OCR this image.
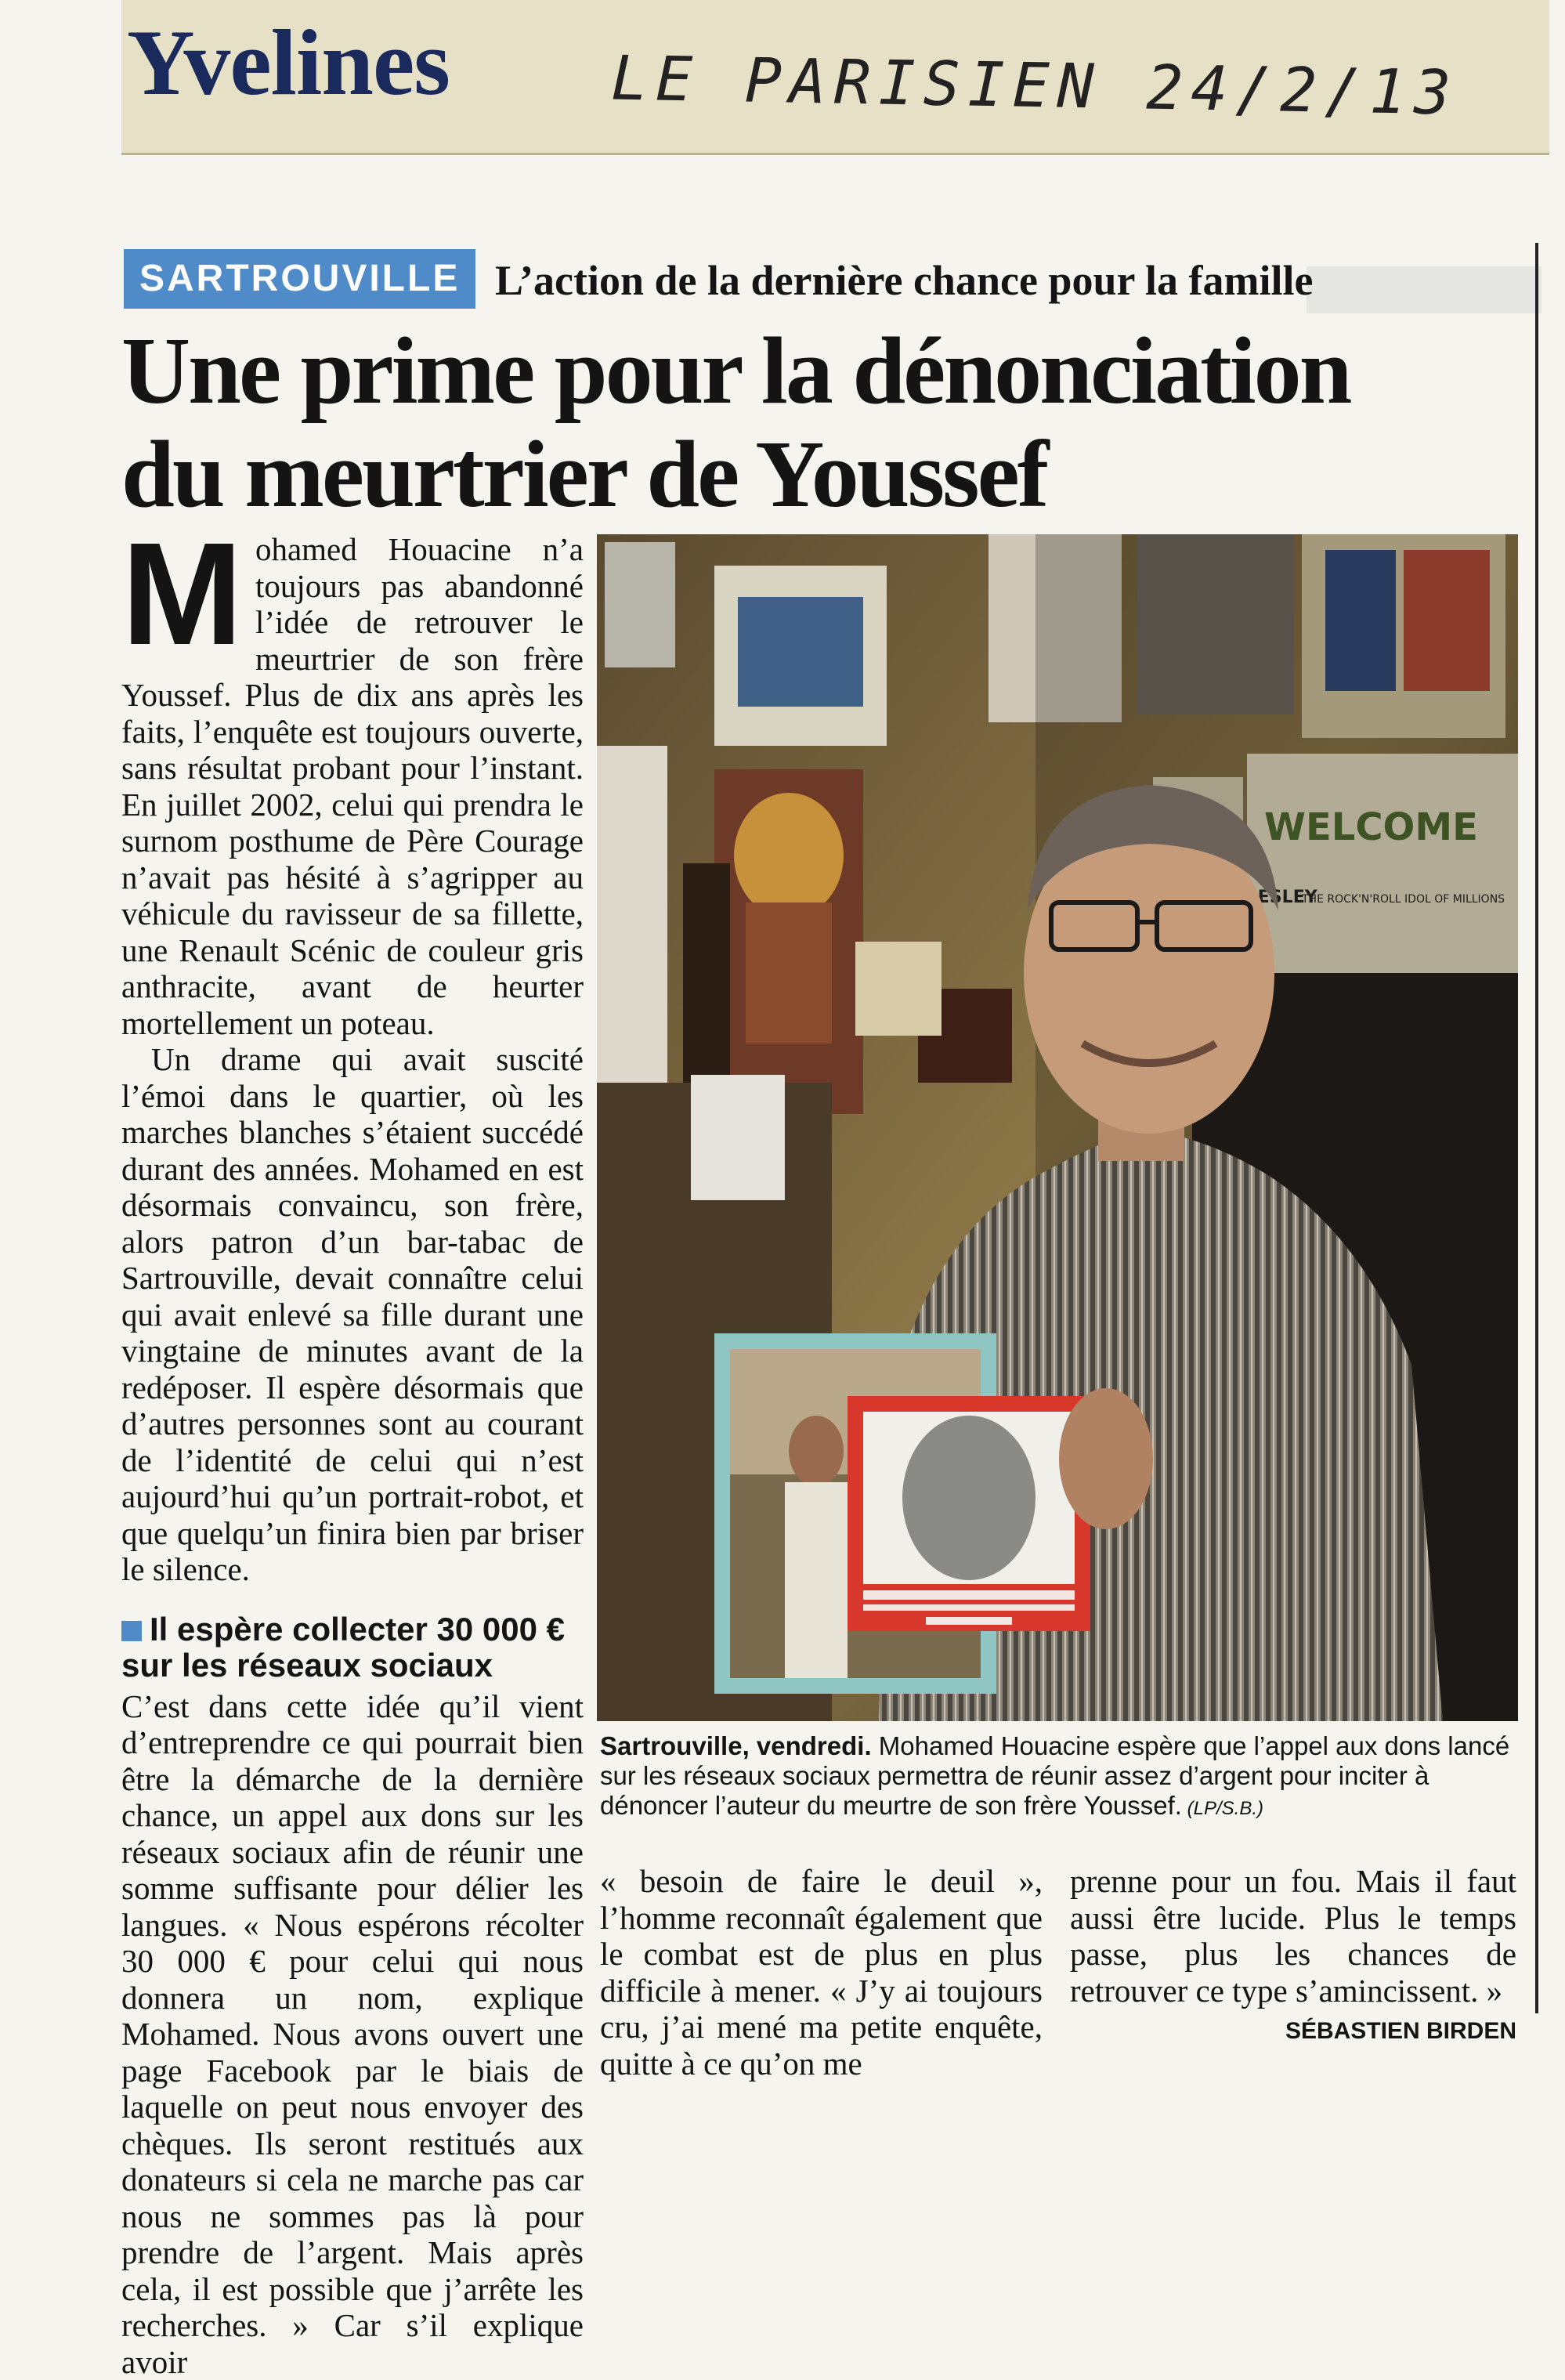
Yvelines	LE PARISIEN 24/2/13
SARTROUVILLE L’action de la dernière chance pour la famille
Une prime pour la dénonciation
du meurtrier de Youssef

Mohamed Houacine n’a toujours pas abandonné l’idée de retrouver le meurtrier de son frère Youssef. Plus de dix ans après les faits, l’enquête est toujours ouverte, sans résultat probant pour l’instant. En juillet 2002, celui qui prendra le surnom posthume de Père Courage n’avait pas hésité à s’agripper au véhicule du ravisseur de sa fillette, une Renault Scénic de couleur gris anthracite, avant de heurter mortellement un poteau.

Un drame qui avait suscité l’émoi dans le quartier, où les marches blanches s’étaient succédé durant des années. Mohamed en est désormais convaincu, son frère, alors patron d’un bar-tabac de Sartrouville, devait connaître celui qui avait enlevé sa fille durant une vingtaine de minutes avant de la redéposer. Il espère désormais que d’autres personnes sont au courant de l’identité de celui qui n’est aujourd’hui qu’un portrait-robot, et que quelqu’un finira bien par briser le silence.

Il espère collecter 30 000 € sur les réseaux sociaux

C’est dans cette idée qu’il vient d’entreprendre ce qui pourrait bien être la démarche de la dernière chance, un appel aux dons sur les réseaux sociaux afin de réunir une somme suffisante pour délier les langues. « Nous espérons récolter 30 000 € pour celui qui nous donnera un nom, explique Mohamed. Nous avons ouvert une page Facebook par le biais de laquelle on peut nous envoyer des chèques. Ils seront restitués aux donateurs si cela ne marche pas car nous ne sommes pas là pour prendre de l’argent. Mais après cela, il est possible que j’arrête les recherches. » Car s’il explique avoir

Sartrouville, vendredi. Mohamed Houacine espère que l’appel aux dons lancé sur les réseaux sociaux permettra de réunir assez d’argent pour inciter à dénoncer l’auteur du meurtre de son frère Youssef. (LP/S.B.)

« besoin de faire le deuil », l’homme reconnaît également que le combat est de plus en plus difficile à mener. « J’y ai toujours cru, j’ai mené ma petite enquête, quitte à ce qu’on me

prenne pour un fou. Mais il faut aussi être lucide. Plus le temps passe, plus les chances de retrouver ce type s’amincissent. »

SÉBASTIEN BIRDEN
